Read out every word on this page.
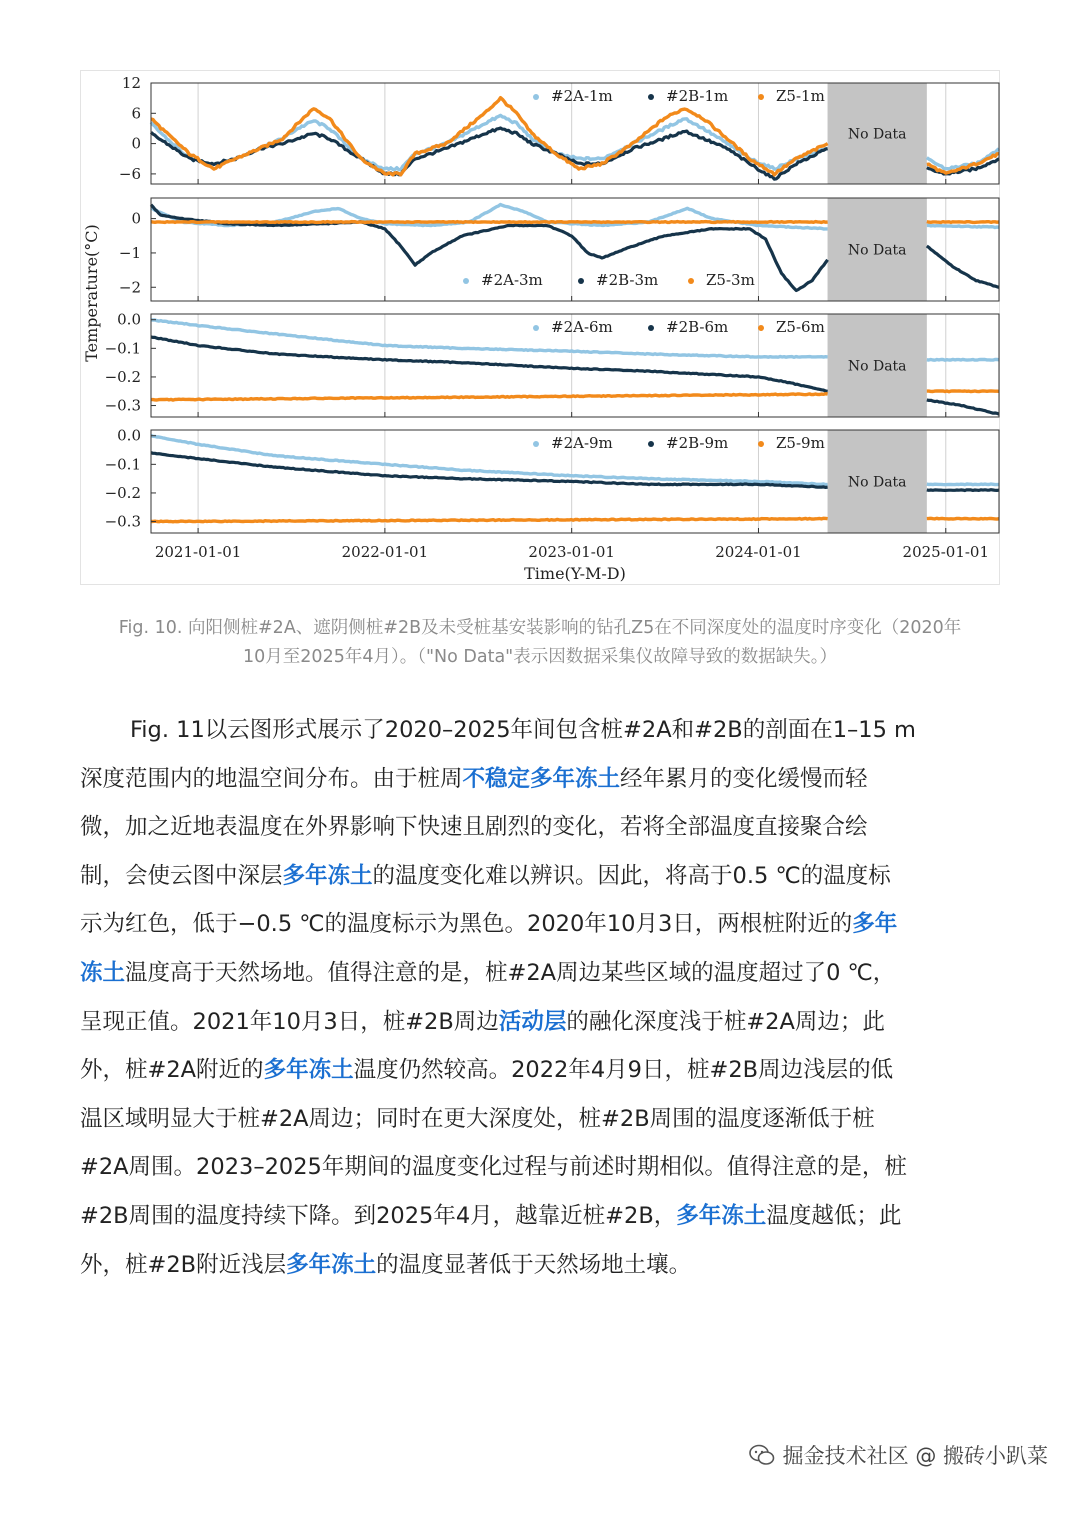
No Data
12
6
0
−6
#2A-1m	#2B-1m	Z5-1m
No Data
0
−1
−2	#2A-3m	#2B-3m	Z5-3m
No Data
0.0
−0.1
−0.2
−0.3
#2A-6m	#2B-6m	Z5-6m
No Data
0.0
−0.1
−0.2
−0.3
#2A-9m	#2B-9m	Z5-9m
2021-01-01	2022-01-01	2023-01-01	2024-01-01	2025-01-01
Time(Y-M-D)
Temperature(°C)
Fig. 10. 向阳侧桩#2A、遮阴侧桩#2B及未受桩基安装影响的钻孔Z5在不同深度处的温度时序变化（2020年
10月至2025年4月）。（"No Data"表示因数据采集仪故障导致的数据缺失。）
Fig. 11以云图形式展示了2020–2025年间包含桩#2A和#2B的剖面在1–15 m
深度范围内的地温空间分布。由于桩周不稳定多年冻土经年累月的变化缓慢而轻
微，加之近地表温度在外界影响下快速且剧烈的变化，若将全部温度直接聚合绘
制，会使云图中深层多年冻土的温度变化难以辨识。因此，将高于0.5 ℃的温度标
示为红色，低于−0.5 ℃的温度标示为黑色。2020年10月3日，两根桩附近的多年
冻土温度高于天然场地。值得注意的是，桩#2A周边某些区域的温度超过了0 ℃，
呈现正值。2021年10月3日，桩#2B周边活动层的融化深度浅于桩#2A周边；此
外，桩#2A附近的多年冻土温度仍然较高。2022年4月9日，桩#2B周边浅层的低
温区域明显大于桩#2A周边；同时在更大深度处，桩#2B周围的温度逐渐低于桩
#2A周围。2023–2025年期间的温度变化过程与前述时期相似。值得注意的是，桩
#2B周围的温度持续下降。到2025年4月，越靠近桩#2B，多年冻土温度越低；此
外，桩#2B附近浅层多年冻土的温度显著低于天然场地土壤。
掘金技术社区 @ 搬砖小趴菜
